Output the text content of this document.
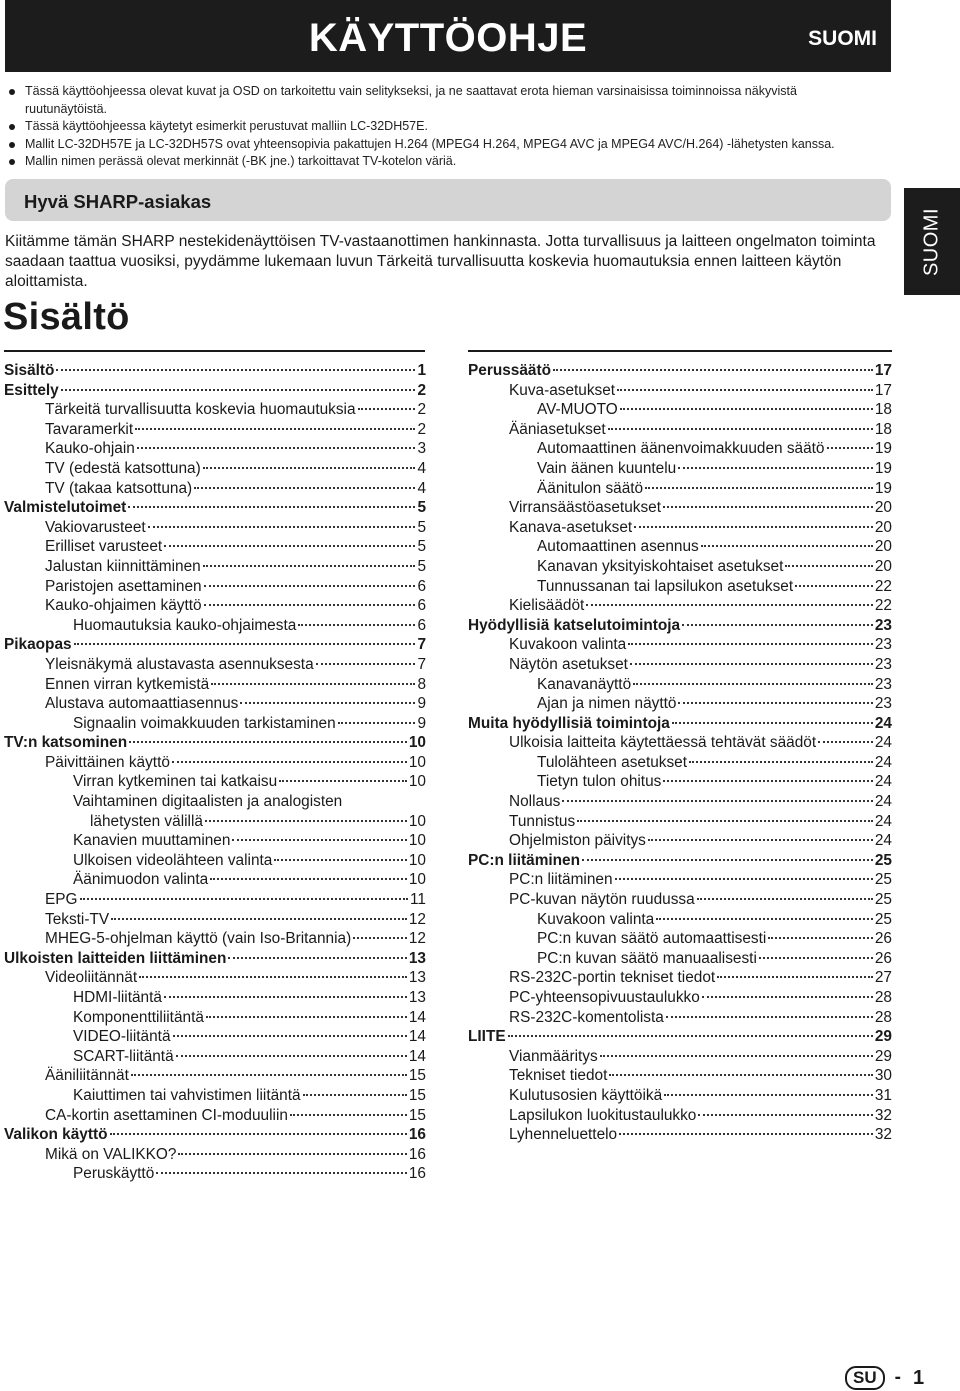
KÄYTTÖOHJE	SUOMI
Tässä käyttöohjeessa olevat kuvat ja OSD on tarkoitettu vain selitykseksi, ja ne saattavat erota hieman varsinaisissa toiminnoissa näkyvistä
ruutunäytöistä.
Tässä käyttöohjeessa käytetyt esimerkit perustuvat malliin LC-32DH57E.
Mallit LC-32DH57E ja LC-32DH57S ovat yhteensopivia pakattujen H.264 (MPEG4 H.264, MPEG4 AVC ja MPEG4 AVC/H.264) -lähetysten kanssa.
Mallin nimen perässä olevat merkinnät (-BK jne.) tarkoittavat TV-kotelon väriä.
Hyvä SHARP-asiakas

Kiitämme tämän SHARP nestekidenäyttöisen TV-vastaanottimen hankinnasta. Jotta turvallisuus ja laitteen ongelmaton toiminta saadaan taattua vuosiksi, pyydämme lukemaan luvun Tärkeitä turvallisuutta koskevia huomautuksia ennen laitteen käytön aloittamista.

SUOMI
Sisältö
Sisältö	1
Esittely	2
Tärkeitä turvallisuutta koskevia huomautuksia	2
Tavaramerkit	2
Kauko-ohjain	3
TV (edestä katsottuna)	4
TV (takaa katsottuna)	4
Valmistelutoimet	5
Vakiovarusteet	5
Erilliset varusteet	5
Jalustan kiinnittäminen	5
Paristojen asettaminen	6
Kauko-ohjaimen käyttö	6
Huomautuksia kauko-ohjaimesta	6
Pikaopas	7
Yleisnäkymä alustavasta asennuksesta	7
Ennen virran kytkemistä	8
Alustava automaattiasennus	9
Signaalin voimakkuuden tarkistaminen	9
TV:n katsominen	10
Päivittäinen käyttö	10
Virran kytkeminen tai katkaisu	10
Vaihtaminen digitaalisten ja analogisten
lähetysten välillä	10
Kanavien muuttaminen	10
Ulkoisen videolähteen valinta	10
Äänimuodon valinta	10
EPG	11
Teksti-TV	12
MHEG-5-ohjelman käyttö (vain Iso-Britannia)	12
Ulkoisten laitteiden liittäminen	13
Videoliitännät	13
HDMI-liitäntä	13
Komponenttiliitäntä	14
VIDEO-liitäntä	14
SCART-liitäntä	14
Ääniliitännät	15
Kaiuttimen tai vahvistimen liitäntä	15
CA-kortin asettaminen CI-moduuliin	15
Valikon käyttö	16
Mikä on VALIKKO?	16
Peruskäyttö	16
Perussäätö	17
Kuva-asetukset	17
AV-MUOTO	18
Ääniasetukset	18
Automaattinen äänenvoimakkuuden säätö	19
Vain äänen kuuntelu	19
Äänitulon säätö	19
Virransäästöasetukset	20
Kanava-asetukset	20
Automaattinen asennus	20
Kanavan yksityiskohtaiset asetukset	20
Tunnussanan tai lapsilukon asetukset	22
Kielisäädöt	22
Hyödyllisiä katselutoimintoja	23
Kuvakoon valinta	23
Näytön asetukset	23
Kanavanäyttö	23
Ajan ja nimen näyttö	23
Muita hyödyllisiä toimintoja	24
Ulkoisia laitteita käytettäessä tehtävät säädöt	24
Tulolähteen asetukset	24
Tietyn tulon ohitus	24
Nollaus	24
Tunnistus	24
Ohjelmiston päivitys	24
PC:n liitäminen	25
PC:n liitäminen	25
PC-kuvan näytön ruudussa	25
Kuvakoon valinta	25
PC:n kuvan säätö automaattisesti	26
PC:n kuvan säätö manuaalisesti	26
RS-232C-portin tekniset tiedot	27
PC-yhteensopivuustaulukko	28
RS-232C-komentolista	28
LIITE	29
Vianmääritys	29
Tekniset tiedot	30
Kulutusosien käyttöikä	31
Lapsilukon luokitustaulukko	32
Lyhenneluettelo	32
SU - 1
